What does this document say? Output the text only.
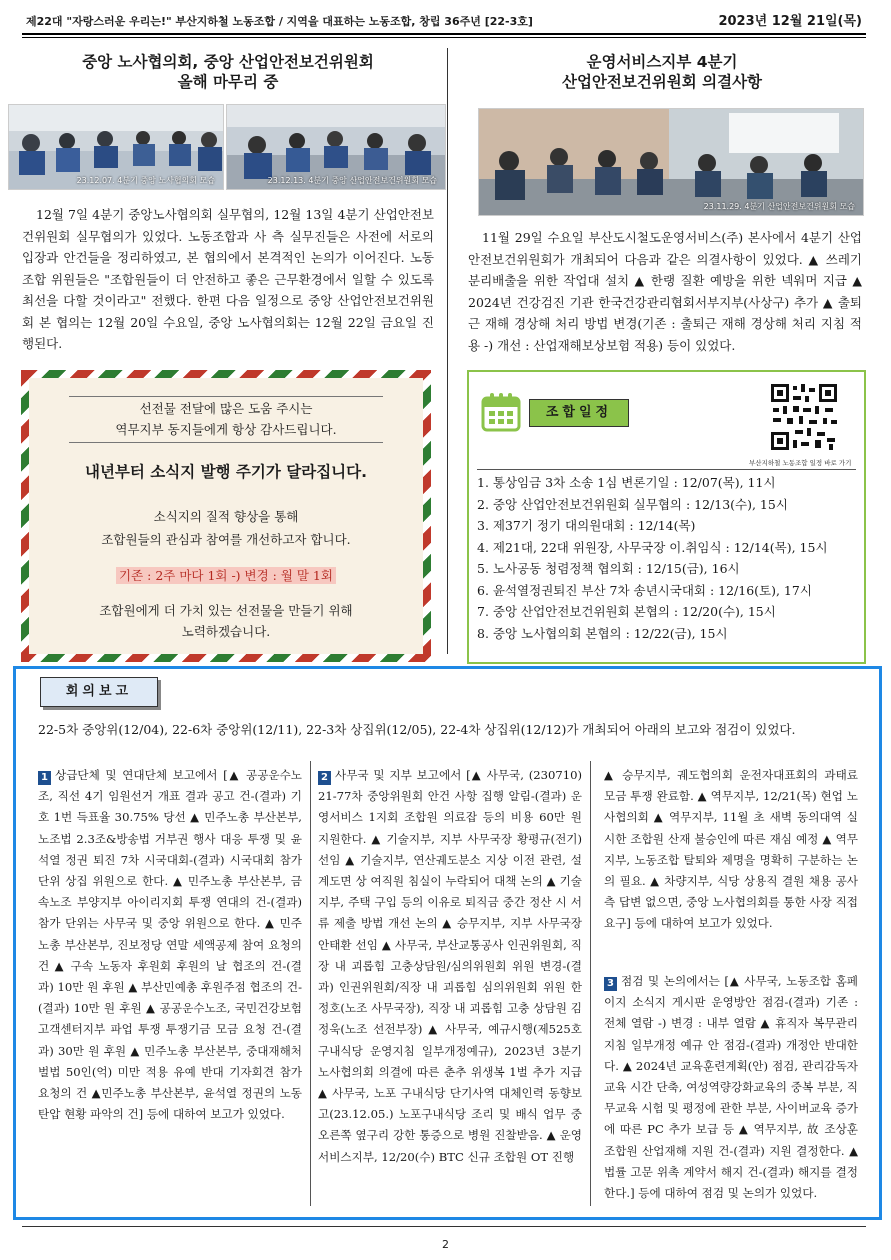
제22대 "자랑스러운 우리는!" 부산지하철 노동조합 / 지역을 대표하는 노동조합, 창립 36주년 [22-3호]	2023년 12월 21일(목)
중앙 노사협의회, 중앙 산업안전보건위원회
올해 마무리 중
23.12.07. 4분기 중앙 노사협의회 모습	23.12.13. 4분기 중앙 산업안전보건위원회 모습
12월 7일 4분기 중앙노사협의회 실무협의, 12월 13일 4분기 산업안전보건위원회 실무협의가 있었다. 노동조합과 사 측 실무진들은 사전에 서로의 입장과 안건들을 정리하였고, 본 협의에서 본격적인 논의가 이어진다. 노동조합 위원들은 "조합원들이 더 안전하고 좋은 근무환경에서 일할 수 있도록 최선을 다할 것이라고" 전했다. 한편 다음 일정으로 중앙 산업안전보건위원회 본 협의는 12월 20일 수요일, 중앙 노사협의회는 12월 22일 금요일 진행된다.
운영서비스지부 4분기
산업안전보건위원회 의결사항
23.11.29. 4분기 산업안전보건위원회 모습
11월 29일 수요일 부산도시철도운영서비스(주) 본사에서 4분기 산업안전보건위원회가 개최되어 다음과 같은 의결사항이 있었다. ▲ 쓰레기 분리배출을 위한 작업대 설치 ▲ 한랭 질환 예방을 위한 넥워머 지급 ▲ 2024년 건강검진 기관 한국건강관리협회서부지부(사상구) 추가 ▲ 출퇴근 재해 경상해 처리 방법 변경(기존 : 출퇴근 재해 경상해 처리 지침 적용 -) 개선 : 산업재해보상보험 적용) 등이 있었다.
선전물 전달에 많은 도움 주시는
역무지부 동지들에게 항상 감사드립니다.
내년부터 소식지 발행 주기가 달라집니다.
소식지의 질적 향상을 통해
조합원들의 관심과 참여를 개선하고자 합니다.
기존 : 2주 마다 1회 -) 변경 : 월 말 1회
조합원에게 더 가치 있는 선전물을 만들기 위해
노력하겠습니다.
조합일정
부산지하철 노동조합 일정 바로 가기
1. 통상임금 3차 소송 1심 변론기일 : 12/07(목), 11시
2. 중앙 산업안전보건위원회 실무협의 : 12/13(수), 15시
3. 제37기 정기 대의원대회 : 12/14(목)
4. 제21대, 22대 위원장, 사무국장 이.취임식 : 12/14(목), 15시
5. 노사공동 청렴정책 협의회 : 12/15(금), 16시
6. 윤석열정권퇴진 부산 7차 송년시국대회 : 12/16(토), 17시
7. 중앙 산업안전보건위원회 본협의 : 12/20(수), 15시
8. 중앙 노사협의회 본협의 : 12/22(금), 15시
회의보고
22-5차 중앙위(12/04), 22-6차 중앙위(12/11), 22-3차 상집위(12/05), 22-4차 상집위(12/12)가 개최되어 아래의 보고와 점검이 있었다.
1 상급단체 및 연대단체 보고에서 [▲ 공공운수노조, 직선 4기 임원선거 개표 결과 공고 건-(결과) 기호 1번 득표율 30.75% 당선 ▲ 민주노총 부산본부, 노조법 2.3조&방송법 거부권 행사 대응 투쟁 및 윤석열 정권 퇴진 7차 시국대회-(결과) 시국대회 참가 단위 상집 위원으로 한다. ▲ 민주노총 부산본부, 금속노조 부양지부 아이리지회 투쟁 연대의 건-(결과) 참가 단위는 사무국 및 중앙 위원으로 한다. ▲ 민주노총 부산본부, 진보정당 연말 세액공제 참여 요청의 건 ▲ 구속 노동자 후원회 후원의 날 협조의 건-(결과) 10만 원 후원 ▲ 부산민예총 후원주점 협조의 건-(결과) 10만 원 후원 ▲ 공공운수노조, 국민건강보험고객센터지부 파업 투쟁 투쟁기금 모금 요청 건-(결과) 30만 원 후원 ▲ 민주노총 부산본부, 중대재해처벌법 50인(억) 미만 적용 유예 반대 기자회견 참가 요청의 건 ▲민주노총 부산본부, 윤석열 정권의 노동탄압 현황 파악의 건] 등에 대하여 보고가 있었다.
2 사무국 및 지부 보고에서 [▲ 사무국, (230710) 21-77차 중앙위원회 안건 사항 집행 알림-(결과) 운영서비스 1지회 조합원 의료잡 등의 비용 60만 원 지원한다. ▲ 기술지부, 지부 사무국장 황평규(전기) 선임 ▲ 기술지부, 연산궤도분소 지상 이전 관련, 설계도면 상 여직원 침실이 누락되어 대책 논의 ▲ 기술지부, 주택 구입 등의 이유로 퇴직금 중간 정산 시 서류 제출 방법 개선 논의 ▲ 승무지부, 지부 사무국장 안태환 선임 ▲ 사무국, 부산교통공사 인권위원회, 직장 내 괴롭힘 고충상담원/심의위원회 위원 변경-(결과) 인권위원회/직장 내 괴롭힘 심의위원회 위원 한정호(노조 사무국장), 직장 내 괴롭힘 고충 상담원 김정욱(노조 선전부장) ▲ 사무국, 예규시행(제525호 구내식당 운영지침 일부개정예규), 2023년 3분기 노사협의회 의결에 따른 춘추 위생복 1벌 추가 지급 ▲ 사무국, 노포 구내식당 단기사역 대체인력 동향보고(23.12.05.) 노포구내식당 조리 및 배식 업무 중 오른쪽 옆구리 강한 통증으로 병원 진찰받음. ▲ 운영서비스지부, 12/20(수) BTC 신규 조합원 OT 진행
▲ 승무지부, 궤도협의회 운전자대표회의 과태료 모금 투쟁 완료함. ▲ 역무지부, 12/21(목) 현업 노사협의회 ▲ 역무지부, 11월 초 새벽 동의대역 실시한 조합원 산재 불승인에 따른 재심 예정 ▲ 역무지부, 노동조합 탈퇴와 제명을 명확히 구분하는 논의 필요. ▲ 차량지부, 식당 상용직 결원 채용 공사 측 답변 없으면, 중앙 노사협의회를 통한 사장 직접 요구] 등에 대하여 보고가 있었다.
3 점검 및 논의에서는 [▲ 사무국, 노동조합 홈페이지 소식지 게시판 운영방안 점검-(결과) 기존 : 전체 열람 -) 변경 : 내부 열람 ▲ 휴직자 복무관리 지침 일부개정 예규 안 점검-(결과) 개정안 반대한다. ▲ 2024년 교육훈련계획(안) 점검, 관리감독자 교육 시간 단축, 여성역량강화교육의 중복 부분, 직무교육 시험 및 평정에 관한 부분, 사이버교육 증가에 따른 PC 추가 보급 등 ▲ 역무지부, 故 조상훈 조합원 산업재해 지원 건-(결과) 지원 결정한다. ▲ 법률 고문 위촉 계약서 해지 건-(결과) 해지를 결정한다.] 등에 대하여 점검 및 논의가 있었다.
2
